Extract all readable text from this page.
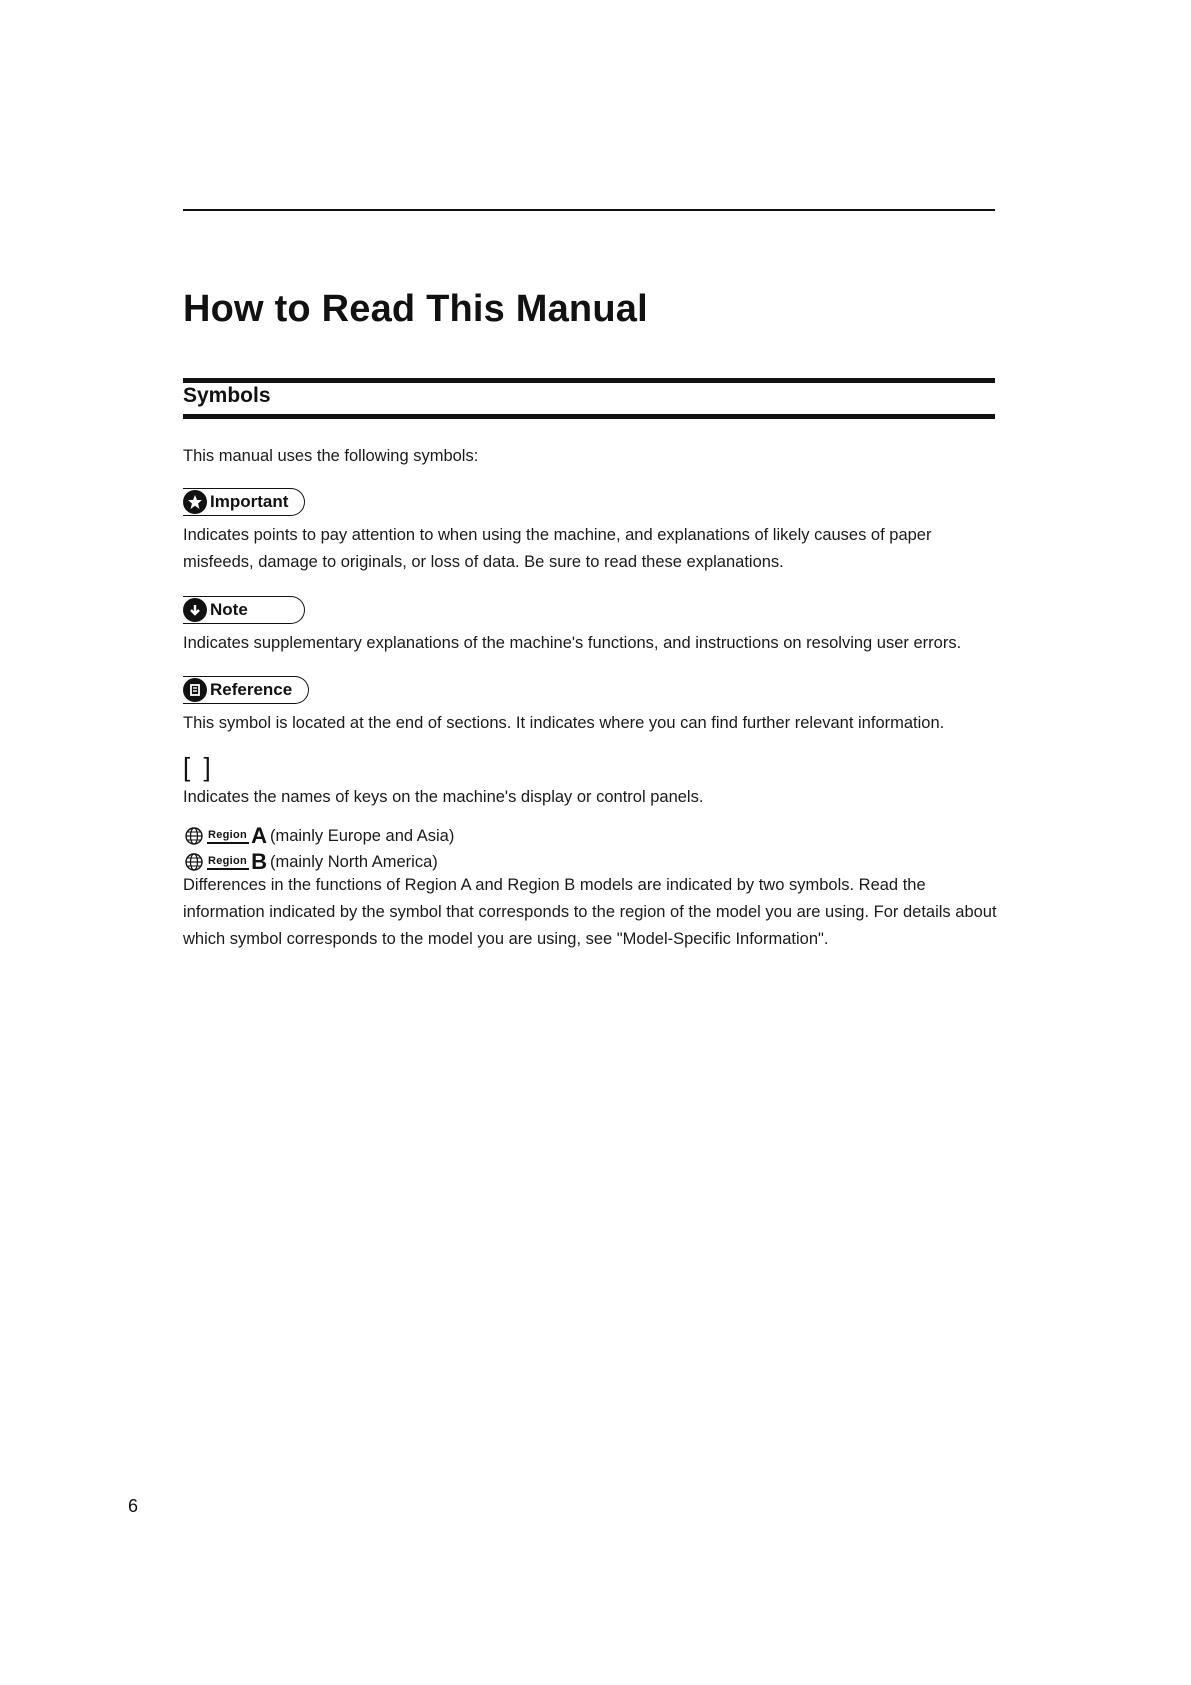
How to Read This Manual
Symbols

This manual uses the following symbols:

Important

Indicates points to pay attention to when using the machine, and explanations of likely causes of paper misfeeds, damage to originals, or loss of data. Be sure to read these explanations.

Note

Indicates supplementary explanations of the machine's functions, and instructions on resolving user errors.

Reference

This symbol is located at the end of sections. It indicates where you can find further relevant information.

[ ]

Indicates the names of keys on the machine's display or control panels.

Region A (mainly Europe and Asia)
Region B (mainly North America)

Differences in the functions of Region A and Region B models are indicated by two symbols. Read the information indicated by the symbol that corresponds to the region of the model you are using. For details about which symbol corresponds to the model you are using, see "Model-Specific Information".

6
